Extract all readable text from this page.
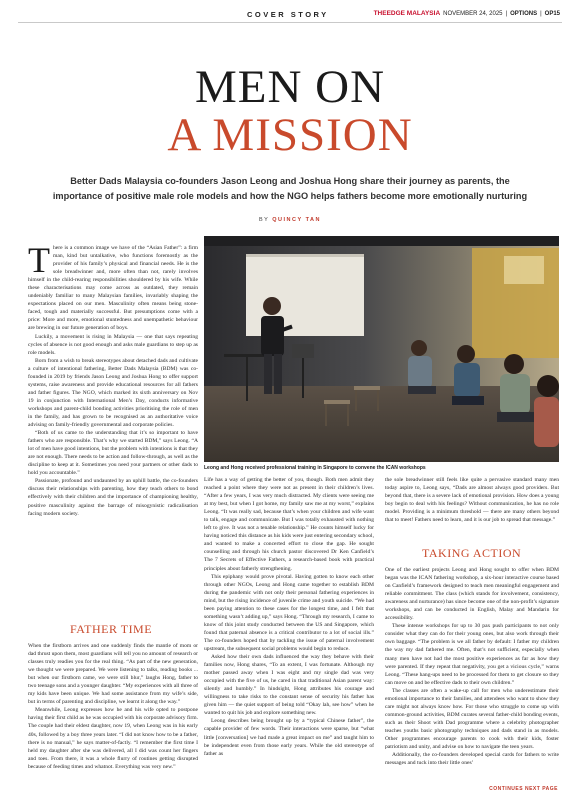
COVER STORY	THEEDGE MALAYSIA NOVEMBER 24, 2025 | OPTIONS | OP15
MEN ON
A MISSION
Better Dads Malaysia co-founders Jason Leong and Joshua Hong share their journey as parents, the importance of positive male role models and how the NGO helps fathers become more emotionally nurturing
BY QUINCY TAN
Leong and Hong received professional training in Singapore to convene the ICAN workshops

There is a common image we have of the “Asian Father”: a firm man, kind but untalkative, who functions foremostly as the provider of his family’s physical and financial needs. He is the sole breadwinner and, more often than not, rarely involves himself in the child-rearing responsibilities shouldered by his wife. While these characterisations may come across as outdated, they remain undeniably familiar to many Malaysian families, invariably shaping the expectations placed on our men. Masculinity often means being stone-faced, tough and materially successful. But presumptions come with a price: More and more, emotional stuntedness and unempathetic behaviour are brewing in our future generation of boys.

Luckily, a movement is rising in Malaysia — one that says repeating cycles of absence is not good enough and asks male guardians to step up as role models.

Born from a wish to break stereotypes about detached dads and cultivate a culture of intentional fathering, Better Dads Malaysia (BDM) was co-founded in 2019 by friends Jason Leong and Joshua Hong to offer support systems, raise awareness and provide educational resources for all fathers and father figures. The NGO, which marked its sixth anniversary on Nov 19 in conjunction with International Men’s Day, conducts informative workshops and parent-child bonding activities prioritising the role of men in the family, and has grown to be recognised as an authoritative voice advising on family-friendly governmental and corporate policies.

“Both of us came to the understanding that it’s so important to have fathers who are responsible. That’s why we started BDM,” says Leong. “A lot of men have good intentions, but the problem with intentions is that they are not enough. There needs to be action and follow-through, as well as the discipline to keep at it. Sometimes you need your partners or other dads to hold you accountable.”

Passionate, profound and undaunted by an uphill battle, the co-founders discuss their relationships with parenting, how they teach others to bond effectively with their children and the importance of championing healthy, positive masculinity against the barrage of misogynistic radicalisation facing modern society.

FATHER TIME

When the firstborn arrives and one suddenly finds the mantle of mom or dad thrust upon them, most guardians will tell you no amount of research or classes truly readies you for the real thing. “As part of the new generation, we thought we were prepared. We were listening to talks, reading books ... but when our firstborn came, we were still blur,” laughs Hong, father to two teenage sons and a younger daughter. “My experiences with all three of my kids have been unique. We had some assistance from my wife’s side, but in terms of parenting and discipline, we learnt it along the way.”

Meanwhile, Leong expresses how he and his wife opted to postpone having their first child as he was occupied with his corporate advisory firm. The couple had their eldest daughter, now 19, when Leong was in his early 40s, followed by a boy three years later. “I did not know how to be a father, there is no manual,” he says matter-of-factly. “I remember the first time I held my daughter after she was delivered, all I did was count her fingers and toes. From there, it was a whole flurry of routines getting disrupted because of feeding times and whatnot. Everything was very new.”

Life has a way of getting the better of you, though. Both men admit they reached a point where they were not as present in their children’s lives. “After a few years, I was very much distracted. My clients were seeing me at my best, but when I got home, my family saw me at my worst,” explains Leong. “It was really sad, because that’s when your children and wife want to talk, engage and communicate. But I was totally exhausted with nothing left to give. It was not a tenable relationship.” He counts himself lucky for having noticed this distance as his kids were just entering secondary school, and wanted to make a concerted effort to close the gap. He sought counselling and through his church pastor discovered Dr Ken Canfield’s The 7 Secrets of Effective Fathers, a research-based book with practical principles about fatherly strengthening.

This epiphany would prove pivotal. Having gotten to know each other through other NGOs, Leong and Hong came together to establish BDM during the pandemic with not only their personal fathering experiences in mind, but the rising incidence of juvenile crime and youth suicide. “We had been paying attention to these cases for the longest time, and I felt that something wasn’t adding up,” says Hong. “Through my research, I came to know of this joint study conducted between the US and Singapore, which found that paternal absence is a critical contributor to a lot of social ills.” The co-founders hoped that by tackling the issue of paternal involvement upstream, the subsequent social problems would begin to reduce.

Asked how their own dads influenced the way they behave with their families now, Hong shares, “To an extent, I was fortunate. Although my mother passed away when I was eight and my single dad was very occupied with the five of us, he cared in that traditional Asian parent way: silently and humbly.” In hindsight, Hong attributes his courage and willingness to take risks to the constant sense of security his father has given him — the quiet support of being told “Okay lah, see how” when he wanted to quit his job and explore something new.

Leong describes being brought up by a “typical Chinese father”, the capable provider of few words. Their interactions were sparse, but “what little [conversation] we had made a great impact on me” and taught him to be independent even from those early years. While the old stereotype of father as

the sole breadwinner still feels like quite a pervasive standard many men today aspire to, Leong says, “Dads are almost always good providers. But beyond that, there is a severe lack of emotional provision. How does a young boy begin to deal with his feelings? Without communication, he has no role model. Providing is a minimum threshold — there are many others beyond that to meet! Fathers need to learn, and it is our job to spread that message.”

TAKING ACTION

One of the earliest projects Leong and Hong sought to offer when BDM began was the ICAN fathering workshop, a six-hour interactive course based on Canfield’s framework designed to teach men meaningful engagement and reliable commitment. The class (which stands for involvement, consistency, awareness and nurturance) has since become one of the non-profit’s signature workshops, and can be conducted in English, Malay and Mandarin for accessibility.

These intense workshops for up to 30 pax push participants to not only consider what they can do for their young ones, but also work through their own baggage. “The problem is we all father by default: I father my children the way my dad fathered me. Often, that’s not sufficient, especially when many men have not had the most positive experiences as far as how they were parented. If they repeat that negativity, you get a vicious cycle,” warns Leong. “These hang-ups need to be processed for them to get closure so they can move on and be effective dads to their own children.”

The classes are often a wake-up call for men who underestimate their emotional importance to their families, and attendees who want to show they care might not always know how. For those who struggle to come up with common-ground activities, BDM curates several father-child bonding events, such as their Shoot with Dad programme where a celebrity photographer teaches youths basic photography techniques and dads stand in as models. Other programmes encourage parents to cook with their kids, foster patriotism and unity, and advise on how to navigate the teen years.

Additionally, the co-founders developed special cards for fathers to write messages and tuck into their little ones’

CONTINUES NEXT PAGE
